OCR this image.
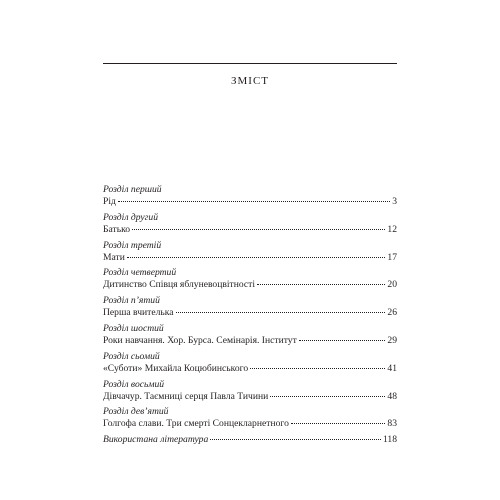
ЗМІСТ
Розділ перший
Рід	3
Розділ другий
Батько	12
Розділ третій
Мати	17
Розділ четвертий
Дитинство Співця яблуневоцвітності	20
Розділ п’ятий
Перша вчителька	26
Розділ шостий
Роки навчання. Хор. Бурса. Семінарія. Інститут	29
Розділ сьомий
«Суботи» Михайла Коцюбинського	41
Розділ восьмий
Дівчачур. Таємниці серця Павла Тичини	48
Розділ дев’ятий
Голгофа слави. Три смерті Сонцекларнетного	83
Використана література	118
